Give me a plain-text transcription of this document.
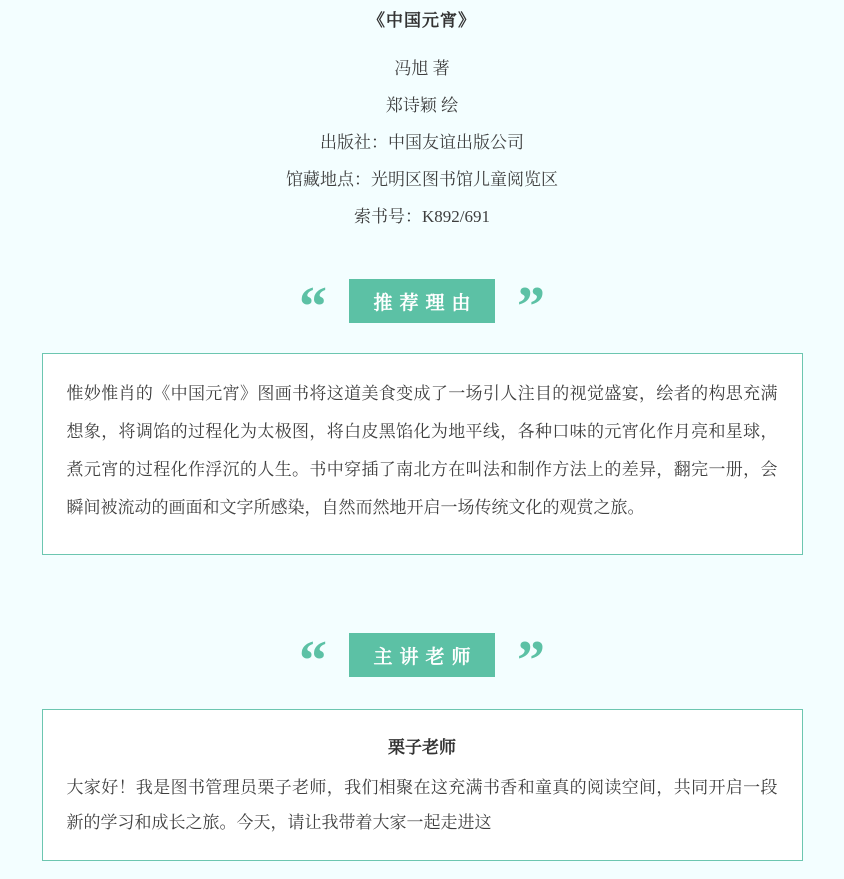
《中国元宵》

冯旭 著

郑诗颖 绘

出版社：中国友谊出版公司

馆藏地点：光明区图书馆儿童阅览区

索书号：K892/691

“	推荐理由 ”

惟妙惟肖的《中国元宵》图画书将这道美食变成了一场引人注目的视觉盛宴，绘者的构思充满想象，将调馅的过程化为太极图，将白皮黑馅化为地平线，各种口味的元宵化作月亮和星球，煮元宵的过程化作浮沉的人生。书中穿插了南北方在叫法和制作方法上的差异，翻完一册，会瞬间被流动的画面和文字所感染，自然而然地开启一场传统文化的观赏之旅。

“	主讲老师 ”
栗子老师

大家好！我是图书管理员栗子老师，我们相聚在这充满书香和童真的阅读空间，共同开启一段新的学习和成长之旅。今天，请让我带着大家一起走进这
